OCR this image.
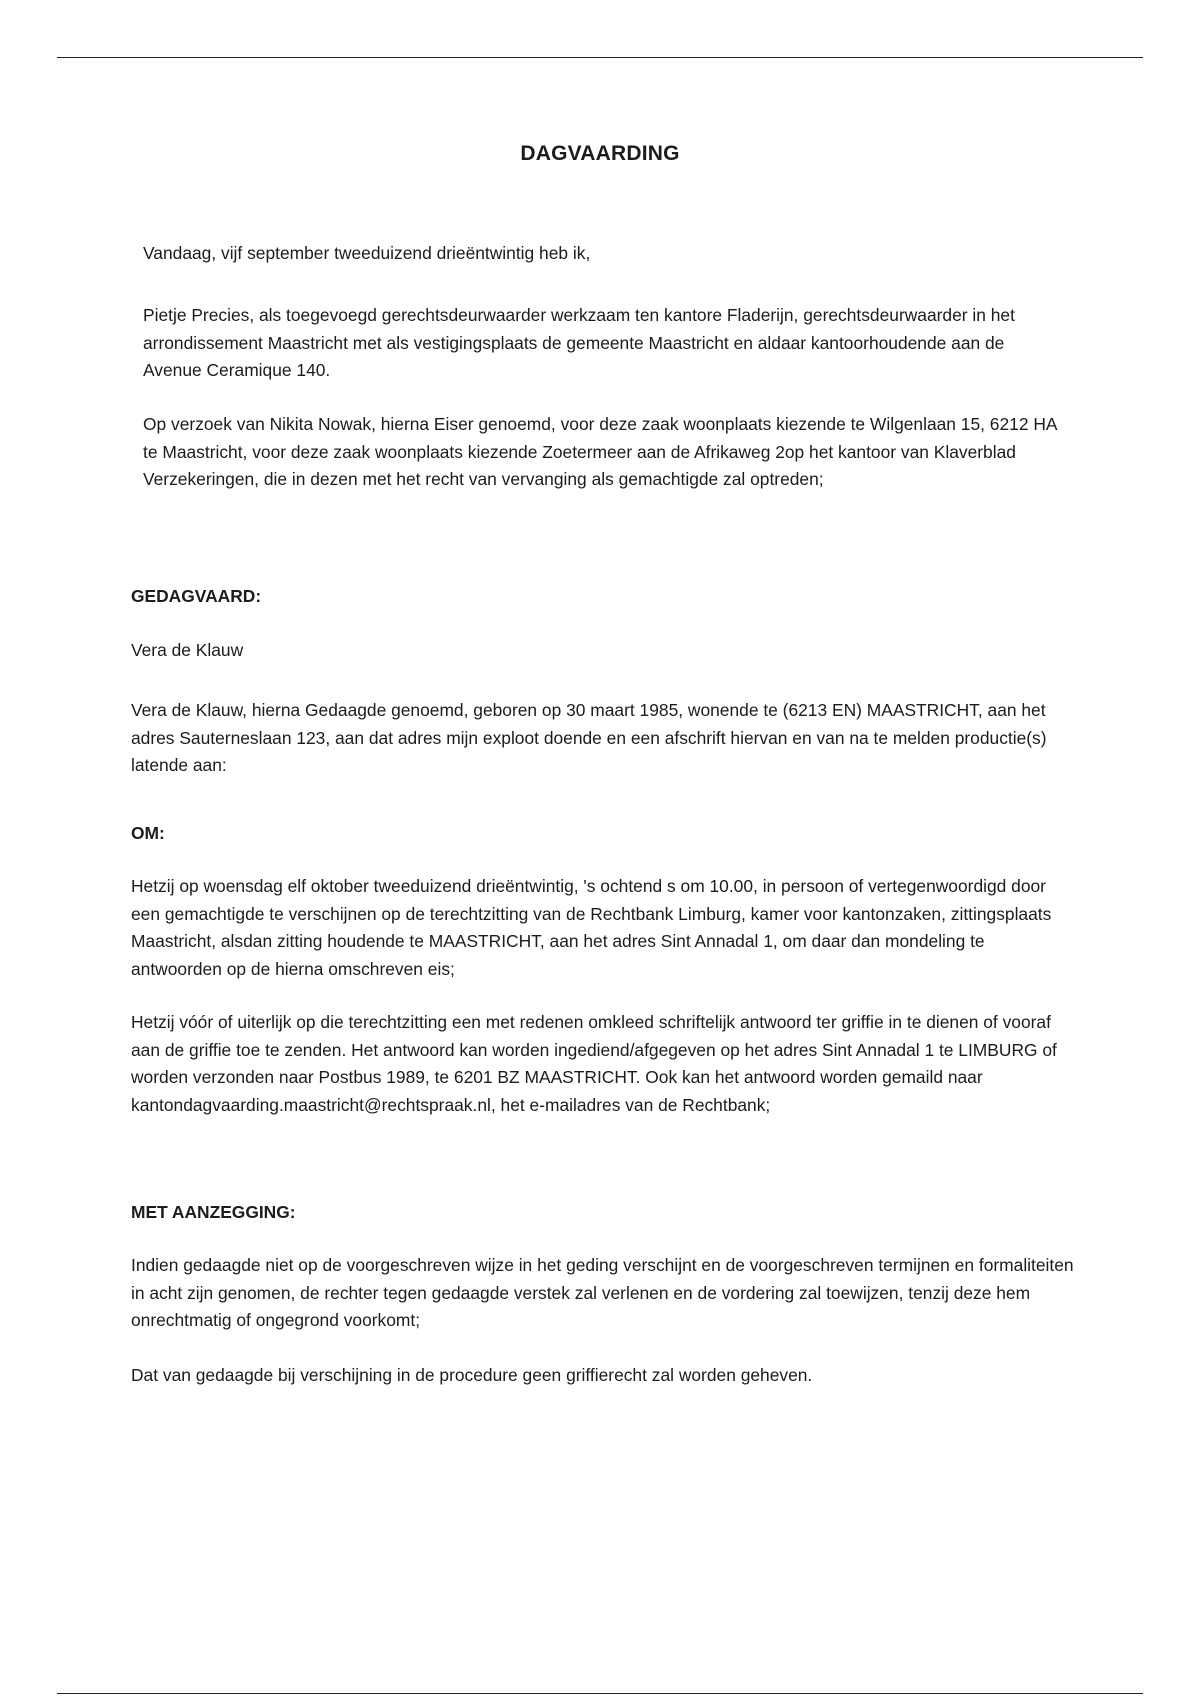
DAGVAARDING

Vandaag, vijf september tweeduizend drieëntwintig heb ik,

Pietje Precies, als toegevoegd gerechtsdeurwaarder werkzaam ten kantore Fladerijn, gerechtsdeurwaarder in het arrondissement Maastricht met als vestigingsplaats de gemeente Maastricht en aldaar kantoorhoudende aan de Avenue Ceramique 140.

Op verzoek van Nikita Nowak, hierna Eiser genoemd, voor deze zaak woonplaats kiezende te Wilgenlaan 15, 6212 HA te Maastricht, voor deze zaak woonplaats kiezende Zoetermeer aan de Afrikaweg 2op het kantoor van Klaverblad Verzekeringen, die in dezen met het recht van vervanging als gemachtigde zal optreden;

GEDAGVAARD:

Vera de Klauw

Vera de Klauw, hierna Gedaagde genoemd, geboren op 30 maart 1985, wonende te (6213 EN) MAASTRICHT, aan het adres Sauterneslaan 123, aan dat adres mijn exploot doende en een afschrift hiervan en van na te melden productie(s) latende aan:

OM:

Hetzij op woensdag elf oktober tweeduizend drieëntwintig, 's ochtend s om 10.00, in persoon of vertegenwoordigd door een gemachtigde te verschijnen op de terechtzitting van de Rechtbank Limburg, kamer voor kantonzaken, zittingsplaats Maastricht, alsdan zitting houdende te MAASTRICHT, aan het adres Sint Annadal 1, om daar dan mondeling te antwoorden op de hierna omschreven eis;

Hetzij vóór of uiterlijk op die terechtzitting een met redenen omkleed schriftelijk antwoord ter griffie in te dienen of vooraf aan de griffie toe te zenden. Het antwoord kan worden ingediend/afgegeven op het adres Sint Annadal 1 te LIMBURG of worden verzonden naar Postbus 1989, te 6201 BZ MAASTRICHT. Ook kan het antwoord worden gemaild naar kantondagvaarding.maastricht@rechtspraak.nl, het e-mailadres van de Rechtbank;

MET AANZEGGING:

Indien gedaagde niet op de voorgeschreven wijze in het geding verschijnt en de voorgeschreven termijnen en formaliteiten in acht zijn genomen, de rechter tegen gedaagde verstek zal verlenen en de vordering zal toewijzen, tenzij deze hem onrechtmatig of ongegrond voorkomt;

Dat van gedaagde bij verschijning in de procedure geen griffierecht zal worden geheven.
